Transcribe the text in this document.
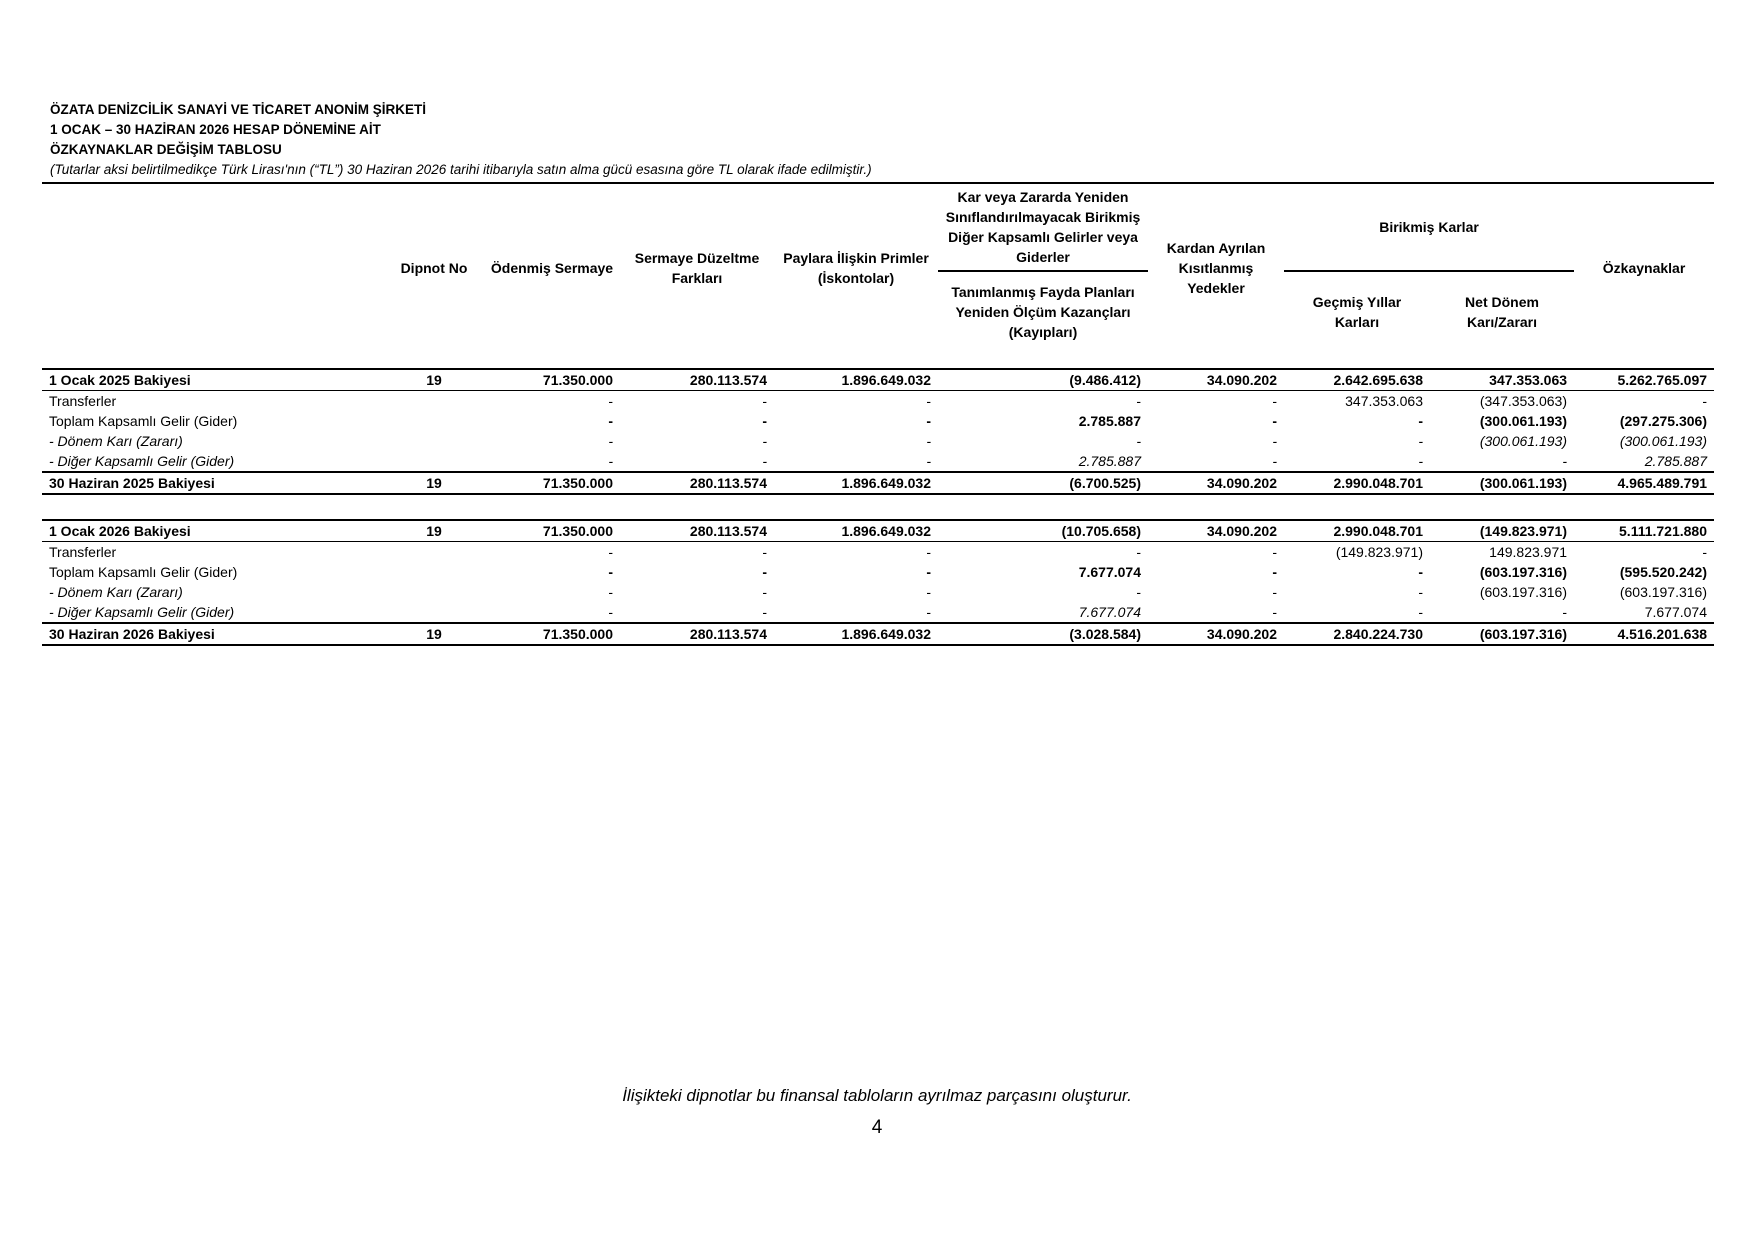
ÖZATA DENİZCİLİK SANAYİ VE TİCARET ANONİM ŞİRKETİ
1 OCAK – 30 HAZİRAN 2026 HESAP DÖNEMİNE AİT
ÖZKAYNAKLAR DEĞİŞİM TABLOSU
(Tutarlar aksi belirtilmedikçe Türk Lirası'nın (“TL”) 30 Haziran 2026 tarihi itibarıyla satın alma gücü esasına göre TL olarak ifade edilmiştir.)
	Dipnot No	Ödenmiş Sermaye	Sermaye Düzeltme Farkları	Paylara İlişkin Primler (İskontolar)	Kar veya Zararda Yeniden Sınıflandırılmayacak Birikmiş Diğer Kapsamlı Gelirler veya Giderler	Kardan Ayrılan Kısıtlanmış Yedekler	Birikmiş Karlar		Özkaynaklar
					Tanımlanmış Fayda Planları Yeniden Ölçüm Kazançları (Kayıpları)		Geçmiş Yıllar Karları	Net Dönem Karı/Zararı	

1 Ocak 2025 Bakiyesi	19	71.350.000	280.113.574	1.896.649.032	(9.486.412)	34.090.202	2.642.695.638	347.353.063	5.262.765.097
Transferler		-	-	-	-	-	347.353.063	(347.353.063)	-
Toplam Kapsamlı Gelir (Gider)		-	-	-	2.785.887	-	-	(300.061.193)	(297.275.306)
- Dönem Karı (Zararı)		-	-	-	-	-	-	(300.061.193)	(300.061.193)
- Diğer Kapsamlı Gelir (Gider)		-	-	-	2.785.887	-	-	-	2.785.887
30 Haziran 2025 Bakiyesi	19	71.350.000	280.113.574	1.896.649.032	(6.700.525)	34.090.202	2.990.048.701	(300.061.193)	4.965.489.791

1 Ocak 2026 Bakiyesi	19	71.350.000	280.113.574	1.896.649.032	(10.705.658)	34.090.202	2.990.048.701	(149.823.971)	5.111.721.880
Transferler		-	-	-	-	-	(149.823.971)	149.823.971	-
Toplam Kapsamlı Gelir (Gider)		-	-	-	7.677.074	-	-	(603.197.316)	(595.520.242)
- Dönem Karı (Zararı)		-	-	-	-	-	-	(603.197.316)	(603.197.316)
- Diğer Kapsamlı Gelir (Gider)		-	-	-	7.677.074	-	-	-	7.677.074
30 Haziran 2026 Bakiyesi	19	71.350.000	280.113.574	1.896.649.032	(3.028.584)	34.090.202	2.840.224.730	(603.197.316)	4.516.201.638
İlişikteki dipnotlar bu finansal tabloların ayrılmaz parçasını oluşturur.
4
